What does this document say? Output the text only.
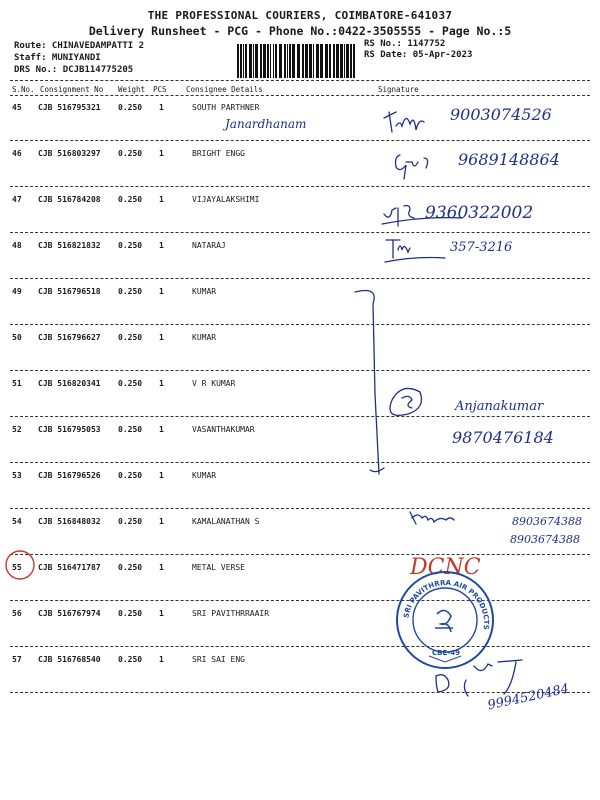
THE PROFESSIONAL COURIERS, COIMBATORE-641037
Delivery Runsheet - PCG - Phone No.:0422-3505555 - Page No.:5
Route: CHINAVEDAMPATTI 2
Staff: MUNIYANDI
DRS No.: DCJB114775205
RS No.: 1147752
RS Date: 05-Apr-2023
S.No. Consignment No Weight PCS	Consignee Details	Signature
45 CJB 516795321 0.250 1	SOUTH PARTHNER
46 CJB 516803297 0.250 1	BRIGHT ENGG
47 CJB 516784208 0.250 1	VIJAYALAKSHIMI
48 CJB 516821832 0.250 1	NATARAJ
49 CJB 516796518 0.250 1	KUMAR
50 CJB 516796627 0.250 1	KUMAR
51 CJB 516820341 0.250 1	V R KUMAR
52 CJB 516795053 0.250 1	VASANTHAKUMAR
53 CJB 516796526 0.250 1	KUMAR
54 CJB 516848032 0.250 1	KAMALANATHAN S
55 CJB 516471787 0.250 1	METAL VERSE
56 CJB 516767974 0.250 1	SRI PAVITHRRAAIR
57 CJB 516768540 0.250 1	SRI SAI ENG
Janardhanam	9003074526
9689148864
9360322002
357-3216
Anjanakumar
9870476184
8903674388
8903674388
DCNC
9994520484
SRI PAVITHRRA AIR PRODUCTS
CBE-49
